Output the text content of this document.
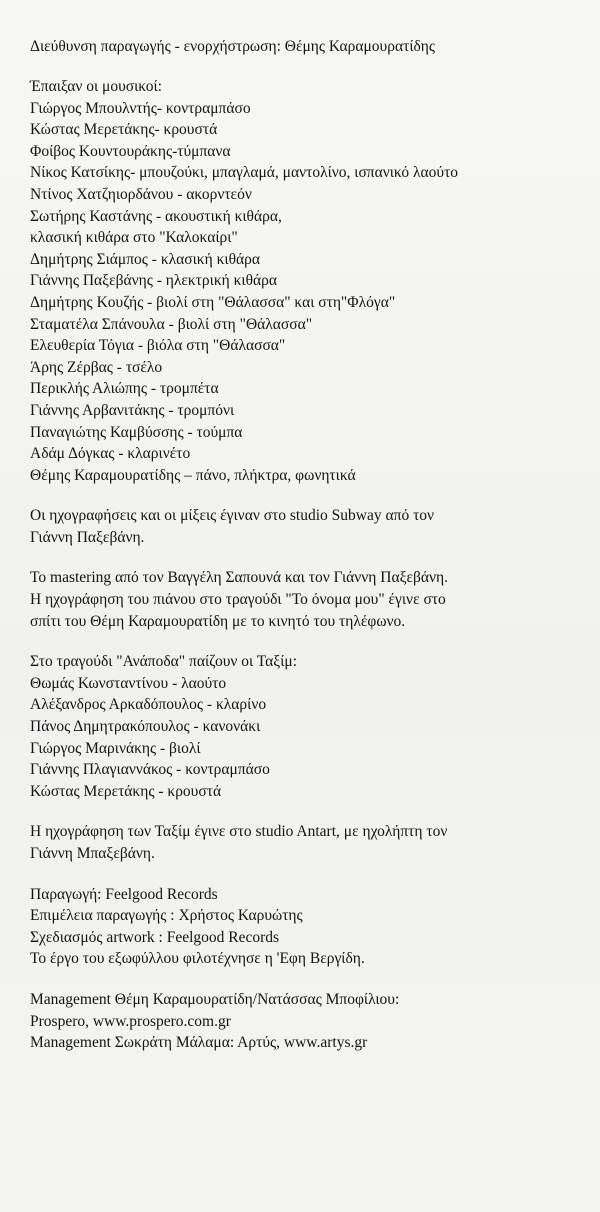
Διεύθυνση παραγωγής - ενορχήστρωση: Θέμης Καραμουρατίδης

Έπαιξαν οι μουσικοί:
Γιώργος Μπουλντής- κοντραμπάσο
Κώστας Μερετάκης- κρουστά
Φοίβος Κουντουράκης-τύμπανα
Νίκος Κατσίκης- μπουζούκι, μπαγλαμά, μαντολίνο, ισπανικό λαούτο
Ντίνος Χατζηιορδάνου - ακορντεόν
Σωτήρης Καστάνης - ακουστική κιθάρα,
κλασική κιθάρα στο "Καλοκαίρι"
Δημήτρης Σιάμπος - κλασική κιθάρα
Γιάννης Παξεβάνης - ηλεκτρική κιθάρα
Δημήτρης Κουζής - βιολί στη "Θάλασσα" και στη"Φλόγα"
Σταματέλα Σπάνουλα - βιολί στη "Θάλασσα"
Ελευθερία Τόγια - βιόλα στη "Θάλασσα"
Άρης Ζέρβας - τσέλο
Περικλής Αλιώπης - τρομπέτα
Γιάννης Αρβανιτάκης - τρομπόνι
Παναγιώτης Καμβύσσης - τούμπα
Αδάμ Δόγκας - κλαρινέτο
Θέμης Καραμουρατίδης – πάνο, πλήκτρα, φωνητικά

Οι ηχογραφήσεις και οι μίξεις έγιναν στο studio Subway από τον

Γιάννη Παξεβάνη.

Το mastering από τον Βαγγέλη Σαπουνά και τον Γιάννη Παξεβάνη.

Η ηχογράφηση του πιάνου στο τραγούδι "Το όνομα μου" έγινε στο

σπίτι του Θέμη Καραμουρατίδη με το κινητό του τηλέφωνο.

Στο τραγούδι "Ανάποδα" παίζουν οι Ταξίμ:
Θωμάς Κωνσταντίνου - λαούτο
Αλέξανδρος Αρκαδόπουλος - κλαρίνο
Πάνος Δημητρακόπουλος - κανονάκι
Γιώργος Μαρινάκης - βιολί
Γιάννης Πλαγιαννάκος - κοντραμπάσο
Κώστας Μερετάκης - κρουστά

Η ηχογράφηση των Ταξίμ έγινε στο studio Antart, με ηχολήπτη τον

Γιάννη Μπαξεβάνη.

Παραγωγή: Feelgood Records

Επιμέλεια παραγωγής : Χρήστος Καρυώτης

Σχεδιασμός artwork : Feelgood Records

Το έργο του εξωφύλλου φιλοτέχνησε η 'Εφη Βεργίδη.

Management Θέμη Καραμουρατίδη/Νατάσσας Μποφίλιου:

Prospero, www.prospero.com.gr

Management Σωκράτη Μάλαμα: Αρτύς, www.artys.gr
